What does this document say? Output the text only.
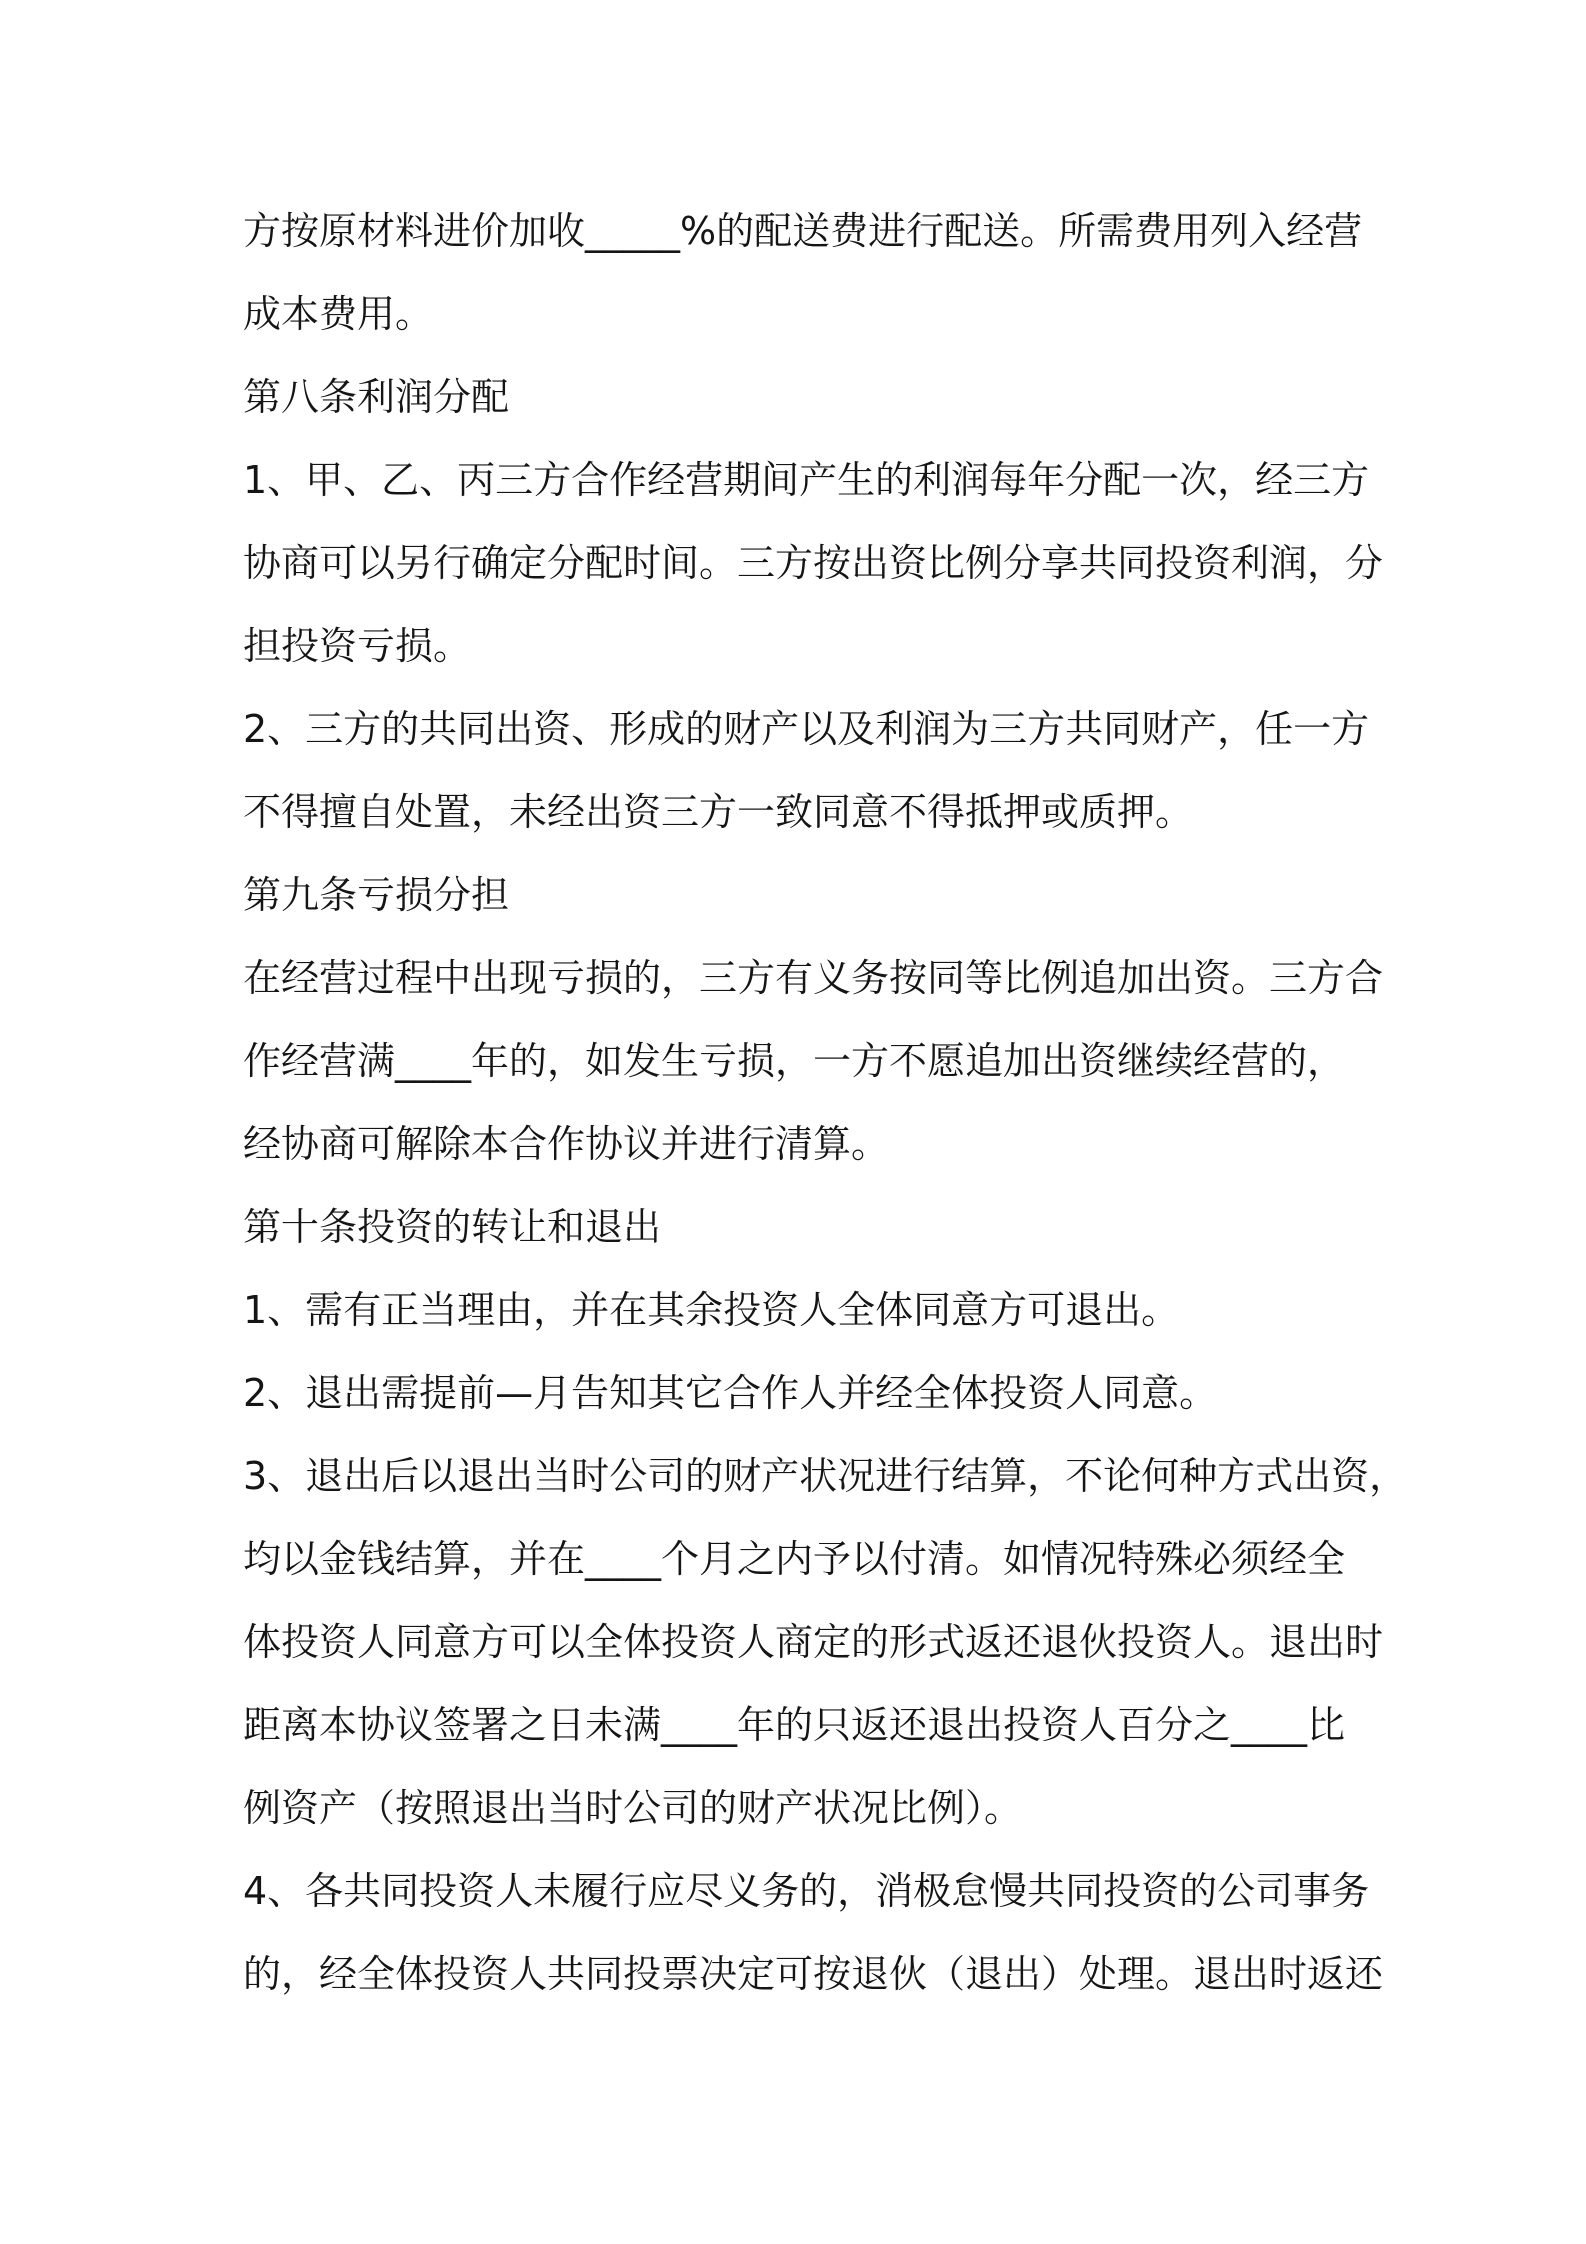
方按原材料进价加收_____%的配送费进行配送。所需费用列入经营
成本费用。
第八条利润分配
1、甲、乙、丙三方合作经营期间产生的利润每年分配一次，经三方
协商可以另行确定分配时间。三方按出资比例分享共同投资利润，分
担投资亏损。
2、三方的共同出资、形成的财产以及利润为三方共同财产，任一方
不得擅自处置，未经出资三方一致同意不得抵押或质押。
第九条亏损分担
在经营过程中出现亏损的，三方有义务按同等比例追加出资。三方合
作经营满____年的，如发生亏损，一方不愿追加出资继续经营的，
经协商可解除本合作协议并进行清算。
第十条投资的转让和退出
1、需有正当理由，并在其余投资人全体同意方可退出。
2、退出需提前—月告知其它合作人并经全体投资人同意。
3、退出后以退出当时公司的财产状况进行结算，不论何种方式出资，
均以金钱结算，并在____个月之内予以付清。如情况特殊必须经全
体投资人同意方可以全体投资人商定的形式返还退伙投资人。退出时
距离本协议签署之日未满____年的只返还退出投资人百分之____比
例资产（按照退出当时公司的财产状况比例）。
4、各共同投资人未履行应尽义务的，消极怠慢共同投资的公司事务
的，经全体投资人共同投票决定可按退伙（退出）处理。退出时返还
